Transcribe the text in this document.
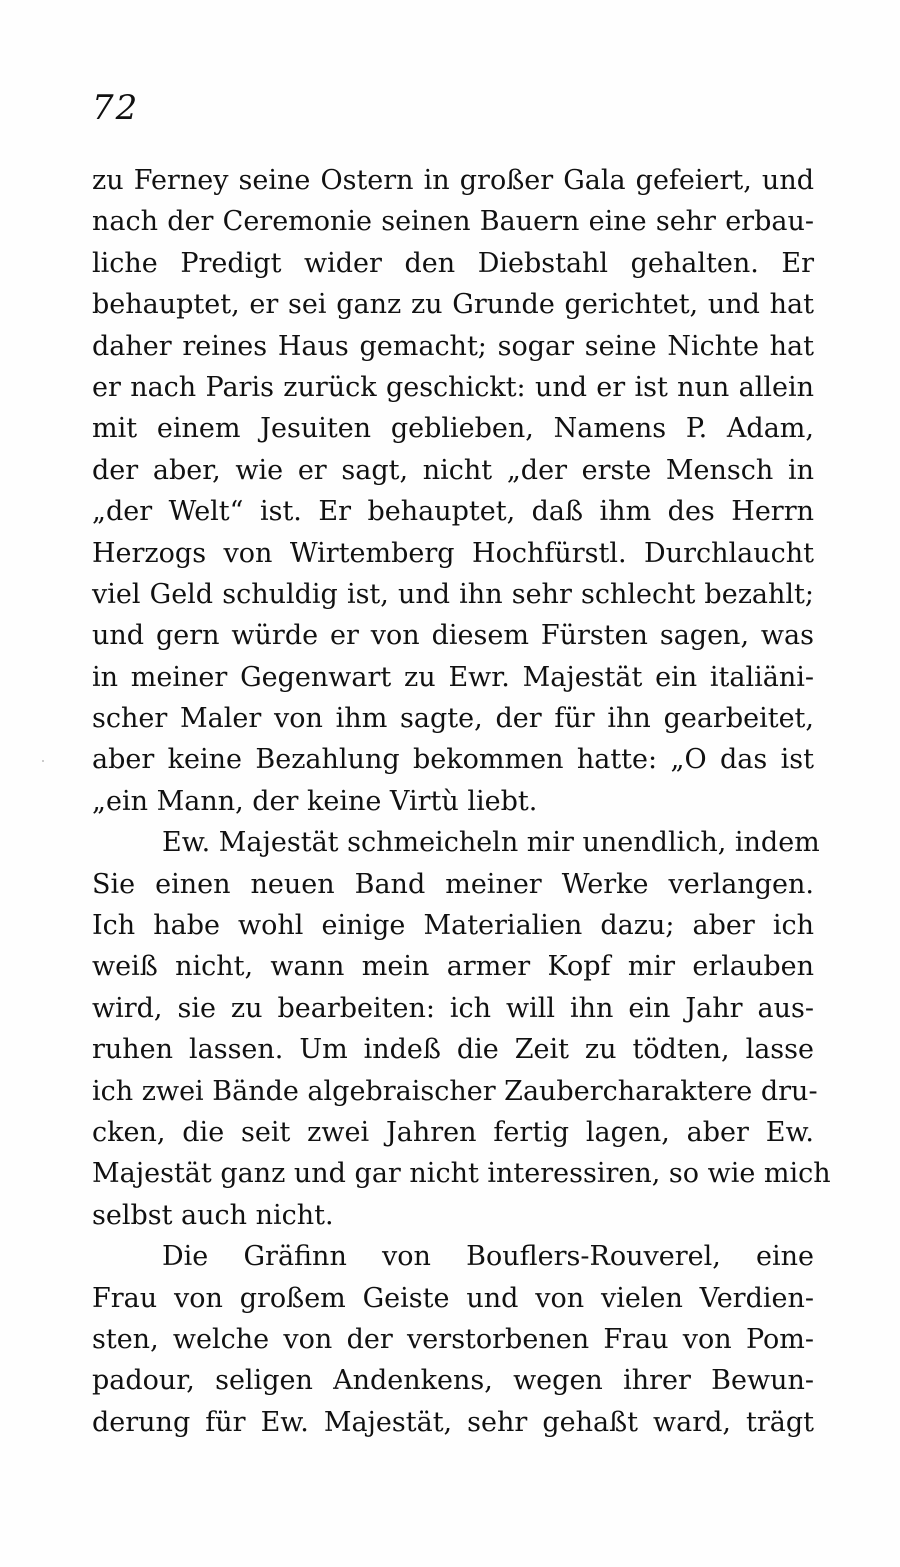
72
zu Ferney seine Ostern in großer Gala gefeiert, und
nach der Ceremonie seinen Bauern eine sehr erbau-
liche Predigt wider den Diebstahl gehalten. Er
behauptet, er sei ganz zu Grunde gerichtet, und hat
daher reines Haus gemacht; sogar seine Nichte hat
er nach Paris zurück geschickt: und er ist nun allein
mit einem Jesuiten geblieben, Namens P. Adam,
der aber, wie er sagt, nicht „der erste Mensch in
„der Welt“ ist. Er behauptet, daß ihm des Herrn
Herzogs von Wirtemberg Hochfürstl. Durchlaucht
viel Geld schuldig ist, und ihn sehr schlecht bezahlt;
und gern würde er von diesem Fürsten sagen, was
in meiner Gegenwart zu Ewr. Majestät ein italiäni-
scher Maler von ihm sagte, der für ihn gearbeitet,
aber keine Bezahlung bekommen hatte: „O das ist
„ein Mann, der keine Virtù liebt.
Ew. Majestät schmeicheln mir unendlich, indem
Sie einen neuen Band meiner Werke verlangen.
Ich habe wohl einige Materialien dazu; aber ich
weiß nicht, wann mein armer Kopf mir erlauben
wird, sie zu bearbeiten: ich will ihn ein Jahr aus-
ruhen lassen. Um indeß die Zeit zu tödten, lasse
ich zwei Bände algebraischer Zaubercharaktere dru-
cken, die seit zwei Jahren fertig lagen, aber Ew.
Majestät ganz und gar nicht interessiren, so wie mich
selbst auch nicht.
Die Gräfinn von Bouflers-Rouverel, eine
Frau von großem Geiste und von vielen Verdien-
sten, welche von der verstorbenen Frau von Pom-
padour, seligen Andenkens, wegen ihrer Bewun-
derung für Ew. Majestät, sehr gehaßt ward, trägt
